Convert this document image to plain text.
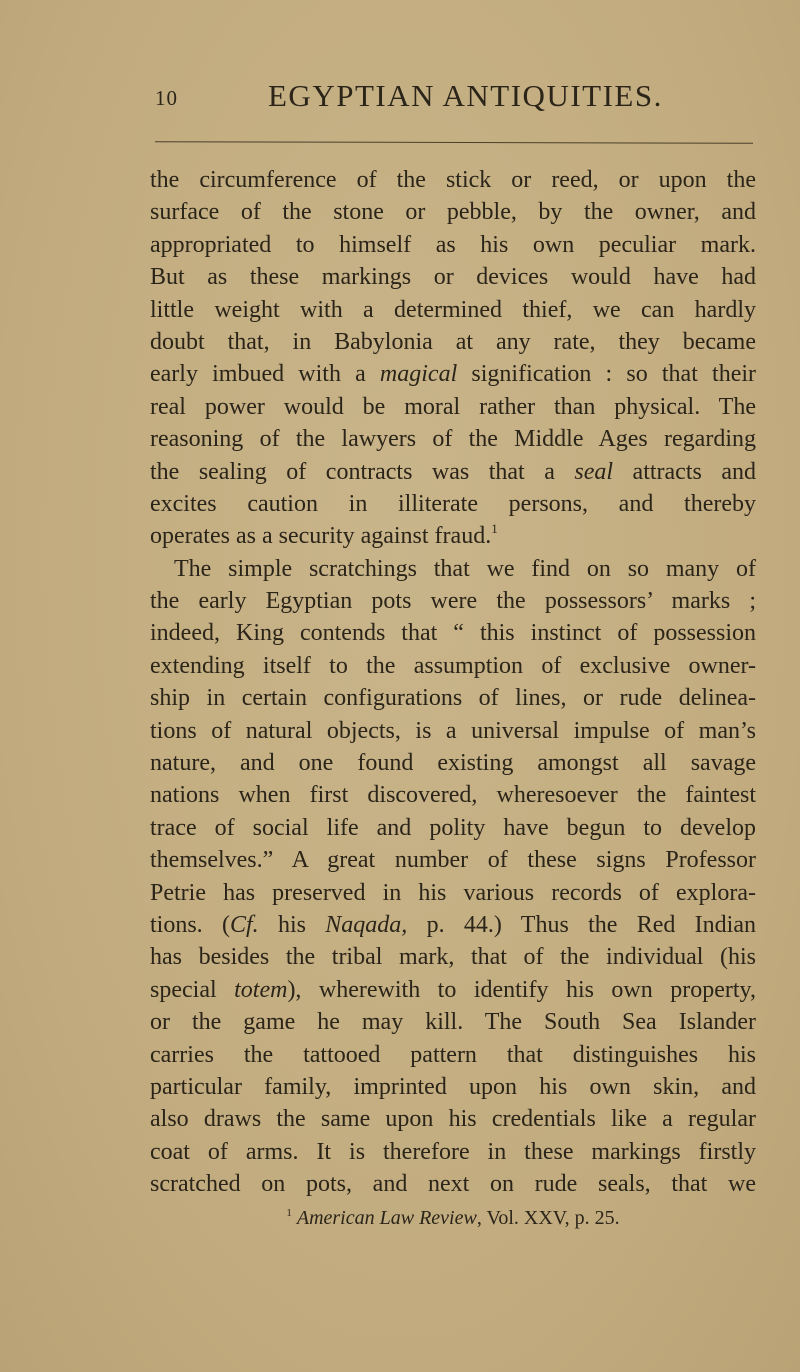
10	EGYPTIAN ANTIQUITIES.
the circumference of the stick or reed, or upon the
surface of the stone or pebble, by the owner, and
appropriated to himself as his own peculiar mark.
But as these markings or devices would have had
little weight with a determined thief, we can hardly
doubt that, in Babylonia at any rate, they became
early imbued with a magical signification : so that their
real power would be moral rather than physical. The
reasoning of the lawyers of the Middle Ages regarding
the sealing of contracts was that a seal attracts and
excites caution in illiterate persons, and thereby
operates as a security against fraud.$^1$
The simple scratchings that we find on so many of
the early Egyptian pots were the possessors’ marks ;
indeed, King contends that “ this instinct of possession
extending itself to the assumption of exclusive owner-
ship in certain configurations of lines, or rude delinea-
tions of natural objects, is a universal impulse of man’s
nature, and one found existing amongst all savage
nations when first discovered, wheresoever the faintest
trace of social life and polity have begun to develop
themselves.” A great number of these signs Professor
Petrie has preserved in his various records of explora-
tions. (Cf. his Naqada, p. 44.) Thus the Red Indian
has besides the tribal mark, that of the individual (his
special totem), wherewith to identify his own property,
or the game he may kill. The South Sea Islander
carries the tattooed pattern that distinguishes his
particular family, imprinted upon his own skin, and
also draws the same upon his credentials like a regular
coat of arms. It is therefore in these markings firstly
scratched on pots, and next on rude seals, that we
$^1$ American Law Review, Vol. XXV, p. 25.
